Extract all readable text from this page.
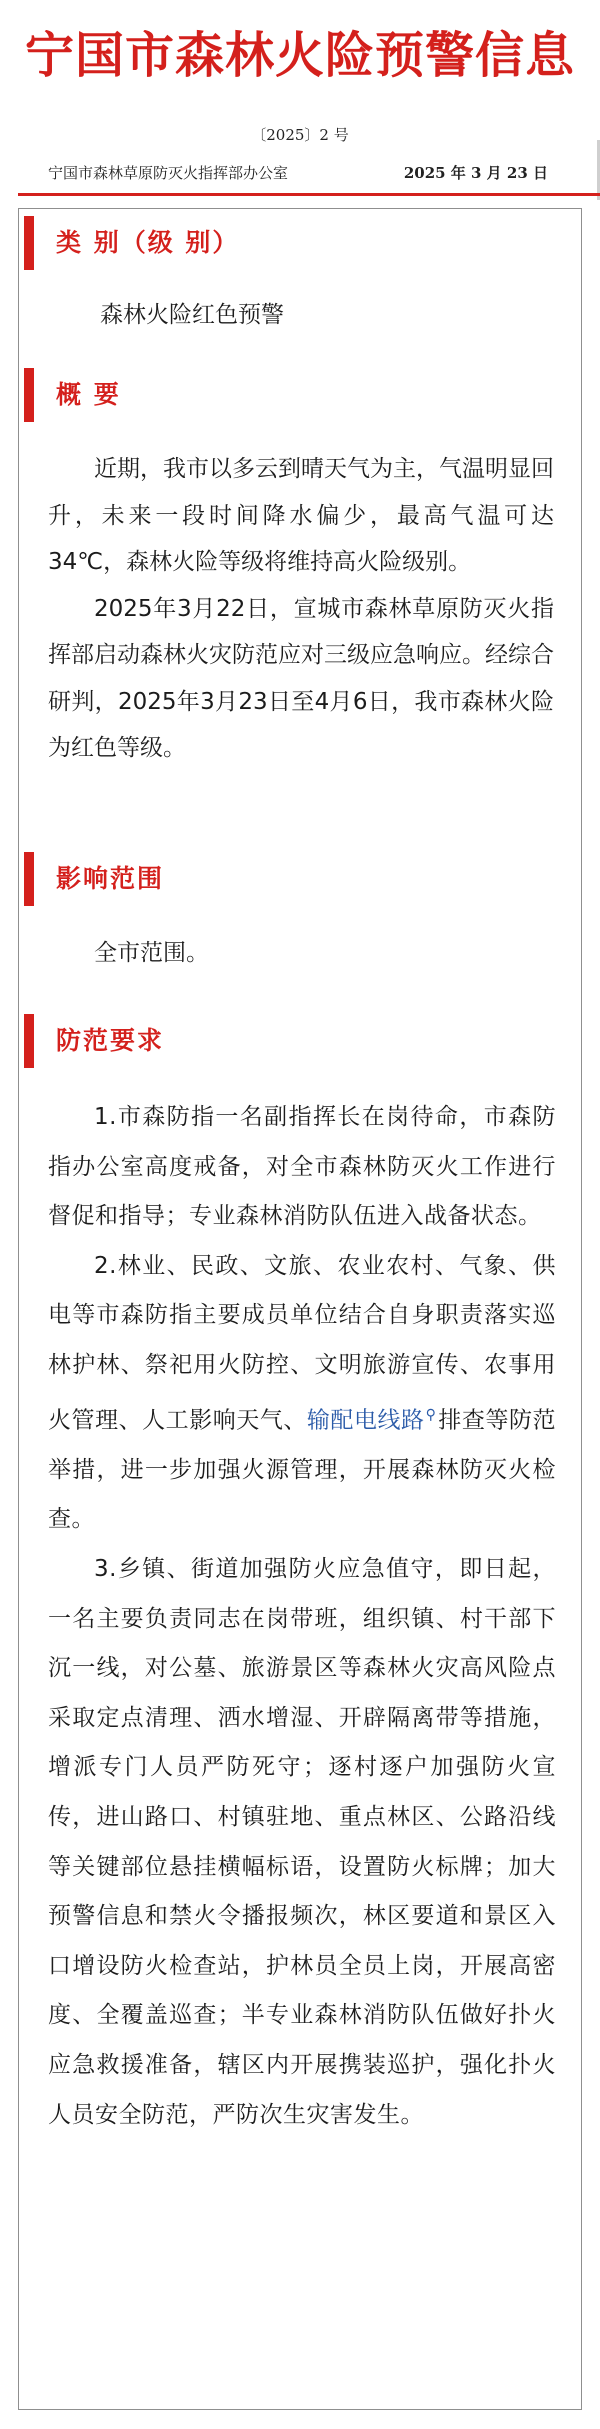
宁国市森林火险预警信息
〔2025〕2 号
宁国市森林草原防灭火指挥部办公室	2025 年 3 月 23 日
类 别（级 别）
森林火险红色预警
概 要

近期，我市以多云到晴天气为主，气温明显回升，未来一段时间降水偏少，最高气温可达34℃，森林火险等级将维持高火险级别。

2025年3月22日，宣城市森林草原防灭火指挥部启动森林火灾防范应对三级应急响应。经综合研判，2025年3月23日至4月6日，我市森林火险为红色等级。

影响范围

全市范围。

防范要求

1.市森防指一名副指挥长在岗待命，市森防指办公室高度戒备，对全市森林防灭火工作进行督促和指导；专业森林消防队伍进入战备状态。

2.林业、民政、文旅、农业农村、气象、供电等市森防指主要成员单位结合自身职责落实巡林护林、祭祀用火防控、文明旅游宣传、农事用火管理、人工影响天气、输配电线路⚲排查等防范举措，进一步加强火源管理，开展森林防灭火检查。

3.乡镇、街道加强防火应急值守，即日起，一名主要负责同志在岗带班，组织镇、村干部下沉一线，对公墓、旅游景区等森林火灾高风险点采取定点清理、洒水增湿、开辟隔离带等措施，增派专门人员严防死守；逐村逐户加强防火宣传，进山路口、村镇驻地、重点林区、公路沿线等关键部位悬挂横幅标语，设置防火标牌；加大预警信息和禁火令播报频次，林区要道和景区入口增设防火检查站，护林员全员上岗，开展高密度、全覆盖巡查；半专业森林消防队伍做好扑火应急救援准备，辖区内开展携装巡护，强化扑火人员安全防范，严防次生灾害发生。
